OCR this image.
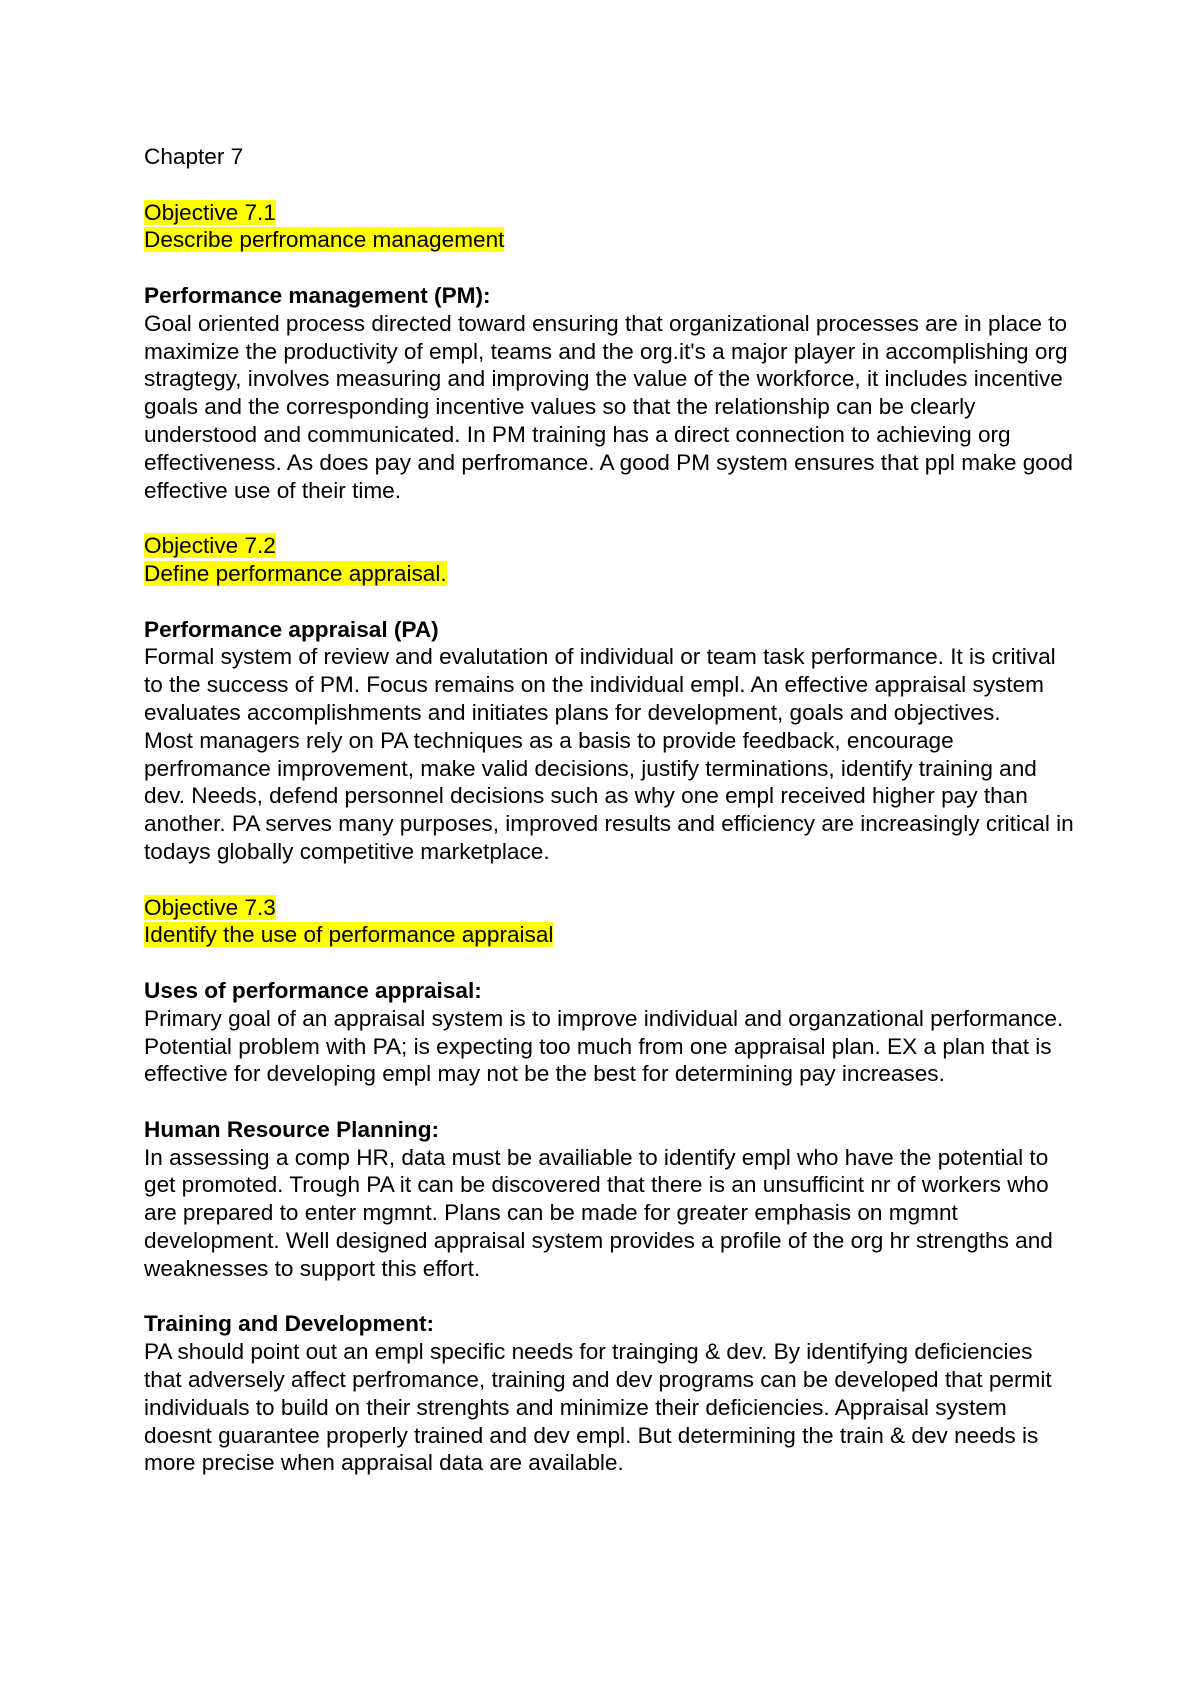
Chapter 7
Objective 7.1
Describe perfromance management
Performance management (PM):

Goal oriented process directed toward ensuring that organizational processes are in place to maximize the productivity of empl, teams and the org.it's a major player in accomplishing org stragtegy, involves measuring and improving the value of the workforce, it includes incentive goals and the corresponding incentive values so that the relationship can be clearly understood and communicated. In PM training has a direct connection to achieving org effectiveness. As does pay and perfromance. A good PM system ensures that ppl make good effective use of their time.

Objective 7.2
Define performance appraisal.
Performance appraisal (PA)

Formal system of review and evalutation of individual or team task performance. It is critival to the success of PM. Focus remains on the individual empl. An effective appraisal system evaluates accomplishments and initiates plans for development, goals and objectives.

Most managers rely on PA techniques as a basis to provide feedback, encourage perfromance improvement, make valid decisions, justify terminations, identify training and dev. Needs, defend personnel decisions such as why one empl received higher pay than another. PA serves many purposes, improved results and efficiency are increasingly critical in todays globally competitive marketplace.

Objective 7.3
Identify the use of performance appraisal
Uses of performance appraisal:

Primary goal of an appraisal system is to improve individual and organzational performance. Potential problem with PA; is expecting too much from one appraisal plan. EX a plan that is effective for developing empl may not be the best for determining pay increases.

Human Resource Planning:

In assessing a comp HR, data must be availiable to identify empl who have the potential to get promoted. Trough PA it can be discovered that there is an unsufficint nr of workers who are prepared to enter mgmnt. Plans can be made for greater emphasis on mgmnt development. Well designed appraisal system provides a profile of the org hr strengths and weaknesses to support this effort.

Training and Development:

PA should point out an empl specific needs for trainging & dev. By identifying deficiencies that adversely affect perfromance, training and dev programs can be developed that permit individuals to build on their strenghts and minimize their deficiencies. Appraisal system doesnt guarantee properly trained and dev empl. But determining the train & dev needs is more precise when appraisal data are available.
